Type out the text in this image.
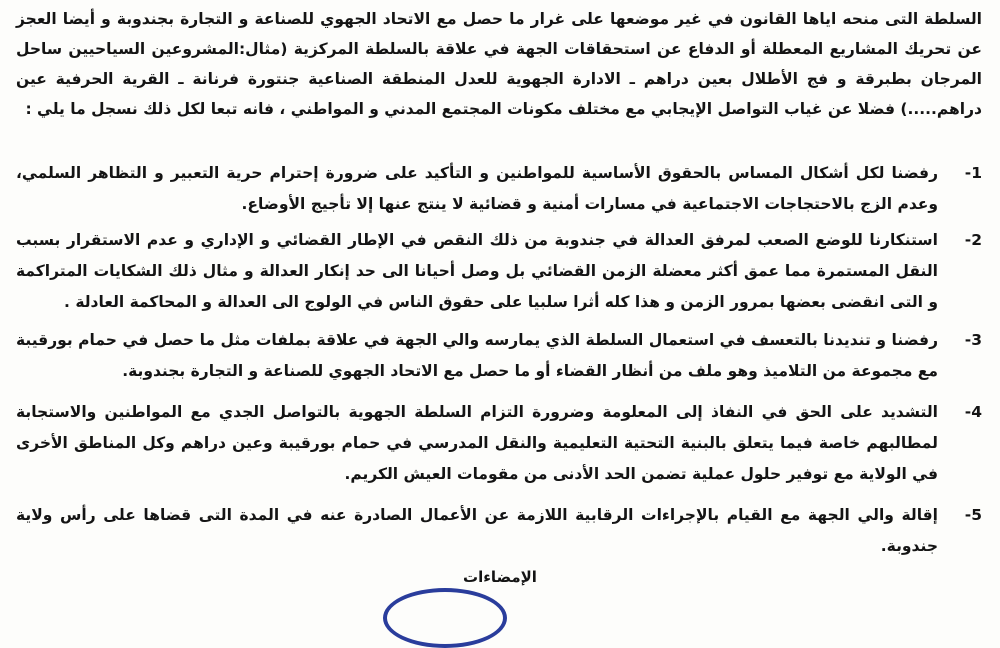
السلطة التى منحه اياها القانون في غير موضعها على غرار ما حصل مع الاتحاد الجهوي للصناعة و التجارة بجندوبة و أيضا العجز عن تحريك المشاريع المعطلة أو الدفاع عن استحقاقات الجهة في علاقة بالسلطة المركزية (مثال:المشروعين السياحيين ساحل المرجان بطبرقة و فج الأطلال بعين دراهم ـ الادارة الجهوية للعدل المنطقة الصناعية جنتورة فرنانة ـ القرية الحرفية عين دراهم.....) فضلا عن غياب التواصل الإيجابي مع مختلف مكونات المجتمع المدني و المواطني ، فانه تبعا لكل ذلك نسجل ما يلي :

-1
رفضنا لكل أشكال المساس بالحقوق الأساسية للمواطنين و التأكيد على ضرورة إحترام حرية التعبير و التظاهر السلمي، وعدم الزج بالاحتجاجات الاجتماعية في مسارات أمنية و قضائية لا ينتج عنها إلا تأجيج الأوضاع.
-2
استنكارنا للوضع الصعب لمرفق العدالة في جندوبة من ذلك النقص في الإطار القضائي و الإداري و عدم الاستقرار بسبب النقل المستمرة مما عمق أكثر معضلة الزمن القضائي بل وصل أحيانا الى حد إنكار العدالة و مثال ذلك الشكايات المتراكمة و التى انقضى بعضها بمرور الزمن و هذا كله أثرا سلبيا على حقوق الناس في الولوج الى العدالة و المحاكمة العادلة .
-3
رفضنا و تنديدنا بالتعسف في استعمال السلطة الذي يمارسه والي الجهة في علاقة بملفات مثل ما حصل في حمام بورقيبة مع مجموعة من التلاميذ وهو ملف من أنظار القضاء أو ما حصل مع الاتحاد الجهوي للصناعة و التجارة بجندوبة.
-4
التشديد على الحق في النفاذ إلى المعلومة وضرورة التزام السلطة الجهوية بالتواصل الجدي مع المواطنين والاستجابة لمطالبهم خاصة فيما يتعلق بالبنية التحتية التعليمية والنقل المدرسي في حمام بورقيبة وعين دراهم وكل المناطق الأخرى في الولاية مع توفير حلول عملية تضمن الحد الأدنى من مقومات العيش الكريم.
-5
إقالة والي الجهة مع القيام بالإجراءات الرقابية اللازمة عن الأعمال الصادرة عنه في المدة التى قضاها على رأس ولاية جندوبة.
الإمضاءات
